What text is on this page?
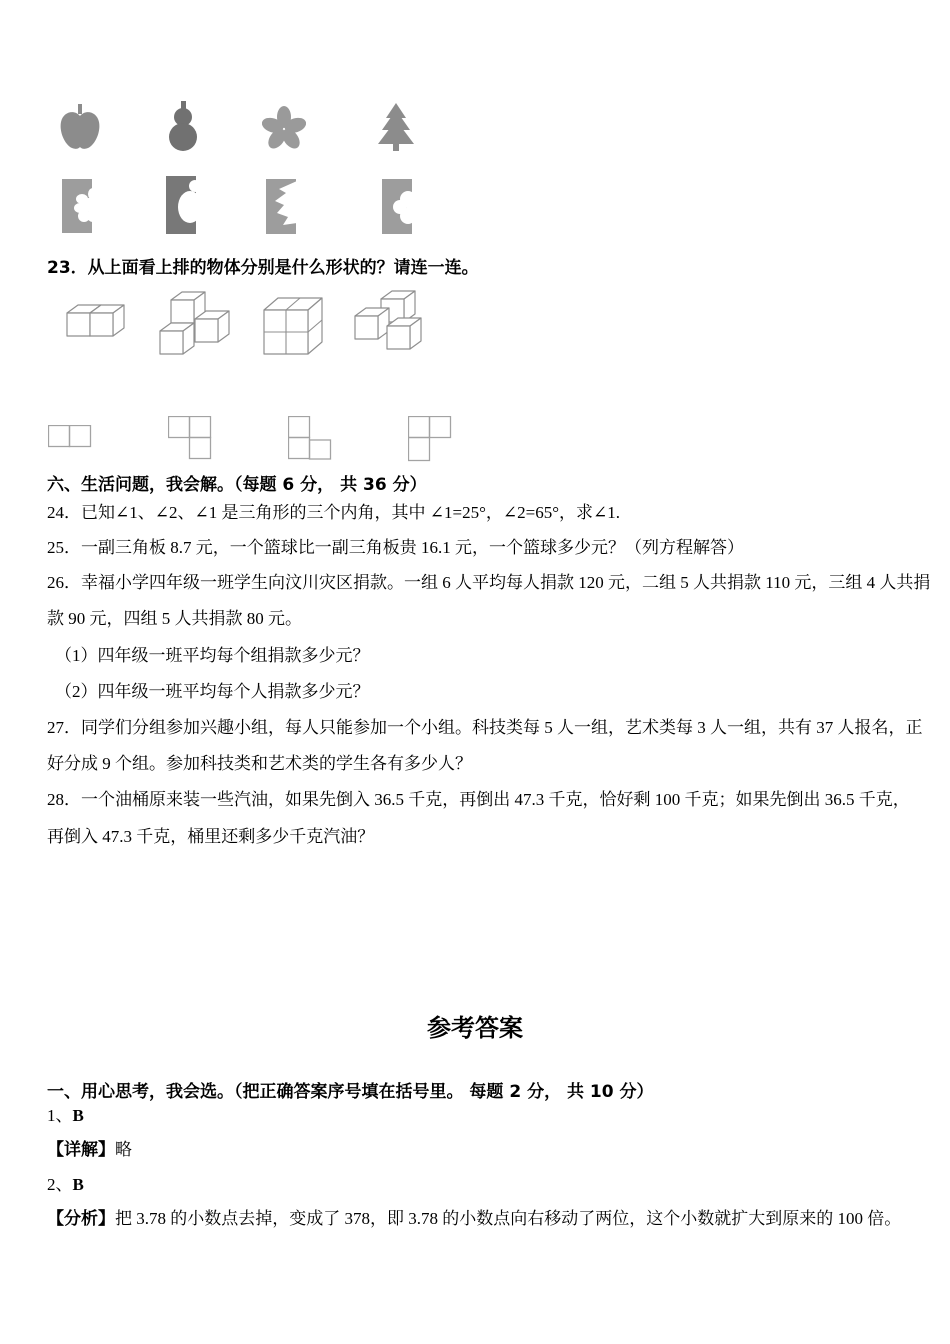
23．从上面看上排的物体分别是什么形状的？请连一连。
六、生活问题，我会解。（每题 6 分， 共 36 分）
24．已知∠1、∠2、∠1 是三角形的三个内角，其中 ∠1=25°，∠2=65°，求∠1.
25．一副三角板 8.7 元，一个篮球比一副三角板贵 16.1 元，一个篮球多少元？（列方程解答）
26．幸福小学四年级一班学生向汶川灾区捐款。一组 6 人平均每人捐款 120 元，二组 5 人共捐款 110 元，三组 4 人共捐
款 90 元，四组 5 人共捐款 80 元。
（1）四年级一班平均每个组捐款多少元？
（2）四年级一班平均每个人捐款多少元？
27．同学们分组参加兴趣小组，每人只能参加一个小组。科技类每 5 人一组，艺术类每 3 人一组，共有 37 人报名，正
好分成 9 个组。参加科技类和艺术类的学生各有多少人？
28．一个油桶原来装一些汽油，如果先倒入 36.5 千克，再倒出 47.3 千克，恰好剩 100 千克；如果先倒出 36.5 千克，
再倒入 47.3 千克，桶里还剩多少千克汽油？
参考答案
一、用心思考，我会选。（把正确答案序号填在括号里。 每题 2 分， 共 10 分）
1、B
【详解】略
2、B
【分析】把 3.78 的小数点去掉，变成了 378，即 3.78 的小数点向右移动了两位，这个小数就扩大到原来的 100 倍。
